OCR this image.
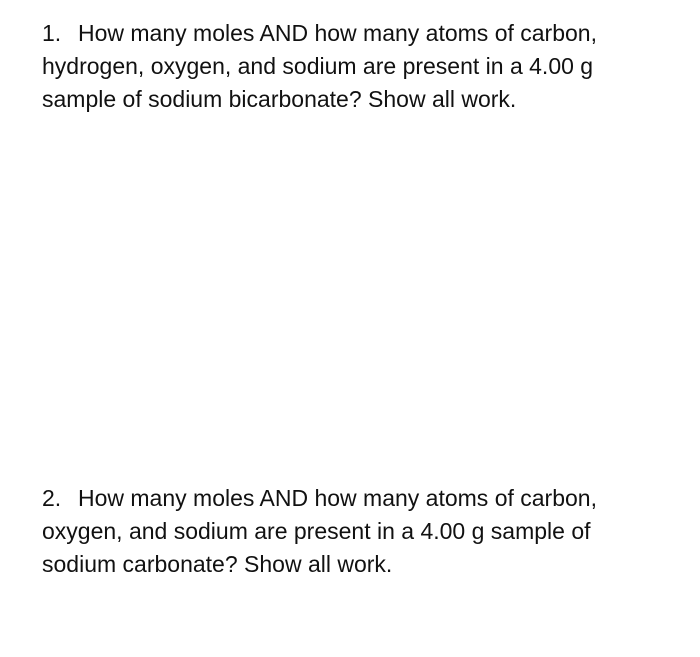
1. How many moles AND how many atoms of carbon, hydrogen, oxygen, and sodium are present in a 4.00 g sample of sodium bicarbonate? Show all work.

2. How many moles AND how many atoms of carbon, oxygen, and sodium are present in a 4.00 g sample of sodium carbonate? Show all work.
